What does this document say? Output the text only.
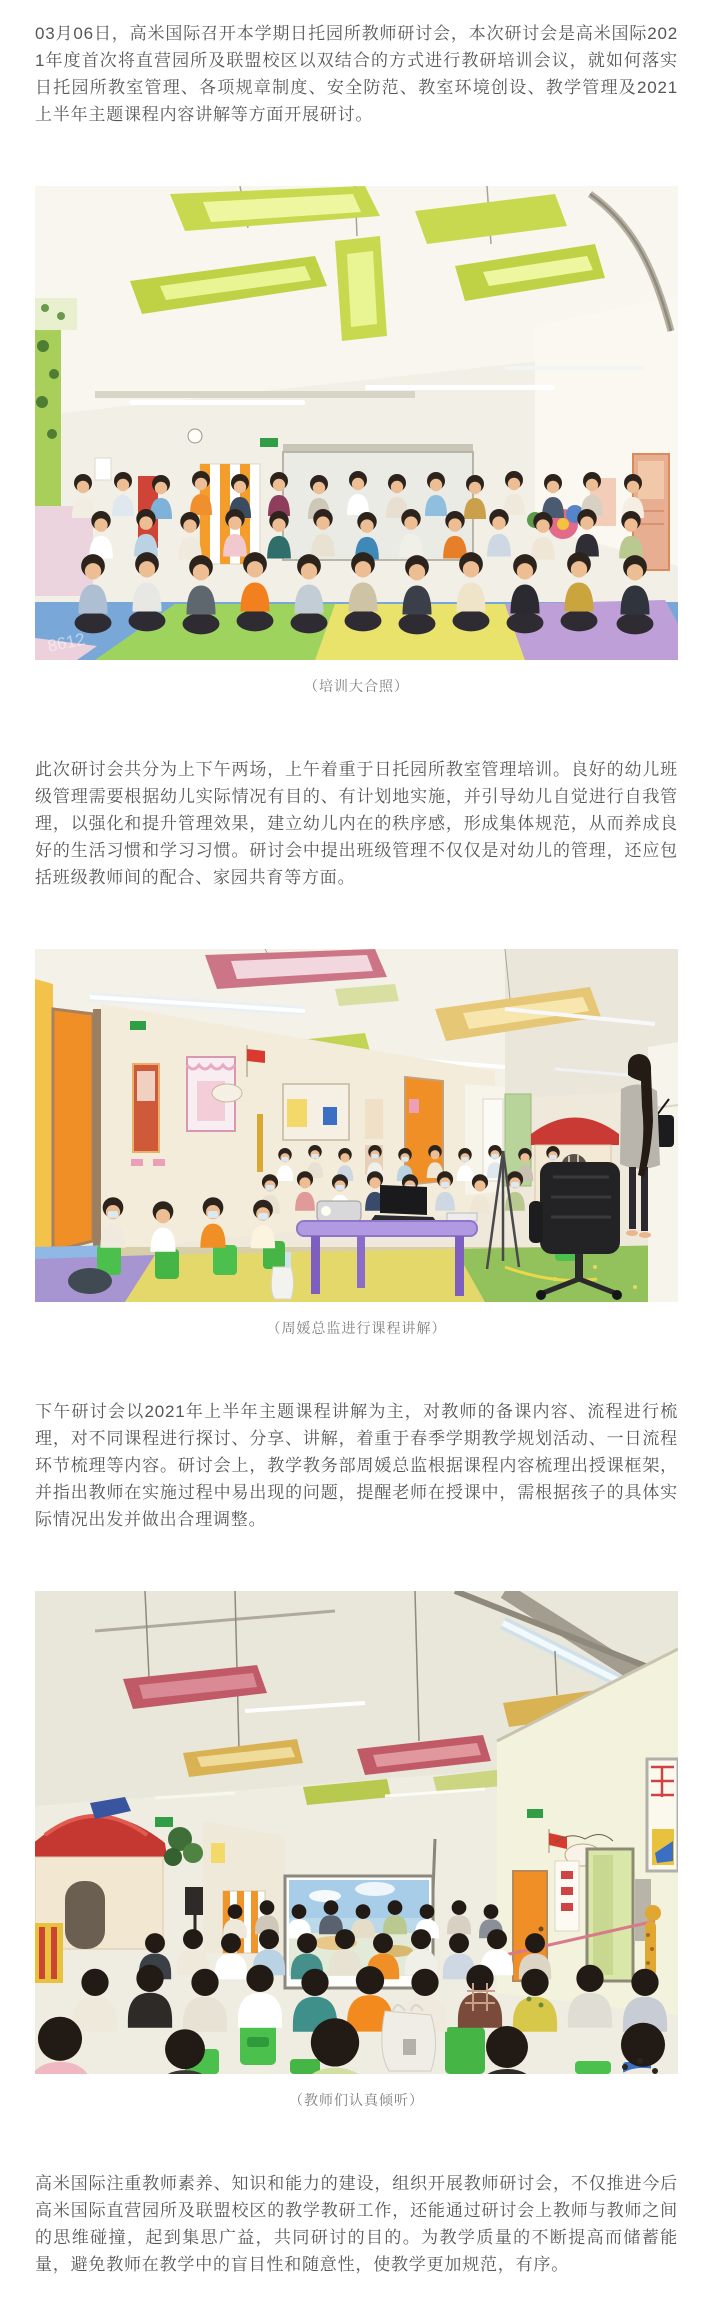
03月06日，高米国际召开本学期日托园所教师研讨会，本次研讨会是高米国际2021年度首次将直营园所及联盟校区以双结合的方式进行教研培训会议，就如何落实日托园所教室管理、各项规章制度、安全防范、教室环境创设、教学管理及2021上半年主题课程内容讲解等方面开展研讨。

8612
（培训大合照）

此次研讨会共分为上下午两场，上午着重于日托园所教室管理培训。良好的幼儿班级管理需要根据幼儿实际情况有目的、有计划地实施，并引导幼儿自觉进行自我管理，以强化和提升管理效果，建立幼儿内在的秩序感，形成集体规范，从而养成良好的生活习惯和学习习惯。研讨会中提出班级管理不仅仅是对幼儿的管理，还应包括班级教师间的配合、家园共育等方面。

（周媛总监进行课程讲解）

下午研讨会以2021年上半年主题课程讲解为主，对教师的备课内容、流程进行梳理，对不同课程进行探讨、分享、讲解，着重于春季学期教学规划活动、一日流程环节梳理等内容。研讨会上，教学教务部周媛总监根据课程内容梳理出授课框架，并指出教师在实施过程中易出现的问题，提醒老师在授课中，需根据孩子的具体实际情况出发并做出合理调整。

（教师们认真倾听）

高米国际注重教师素养、知识和能力的建设，组织开展教师研讨会，不仅推进今后高米国际直营园所及联盟校区的教学教研工作，还能通过研讨会上教师与教师之间的思维碰撞，起到集思广益，共同研讨的目的。为教学质量的不断提高而储蓄能量，避免教师在教学中的盲目性和随意性，使教学更加规范，有序。
